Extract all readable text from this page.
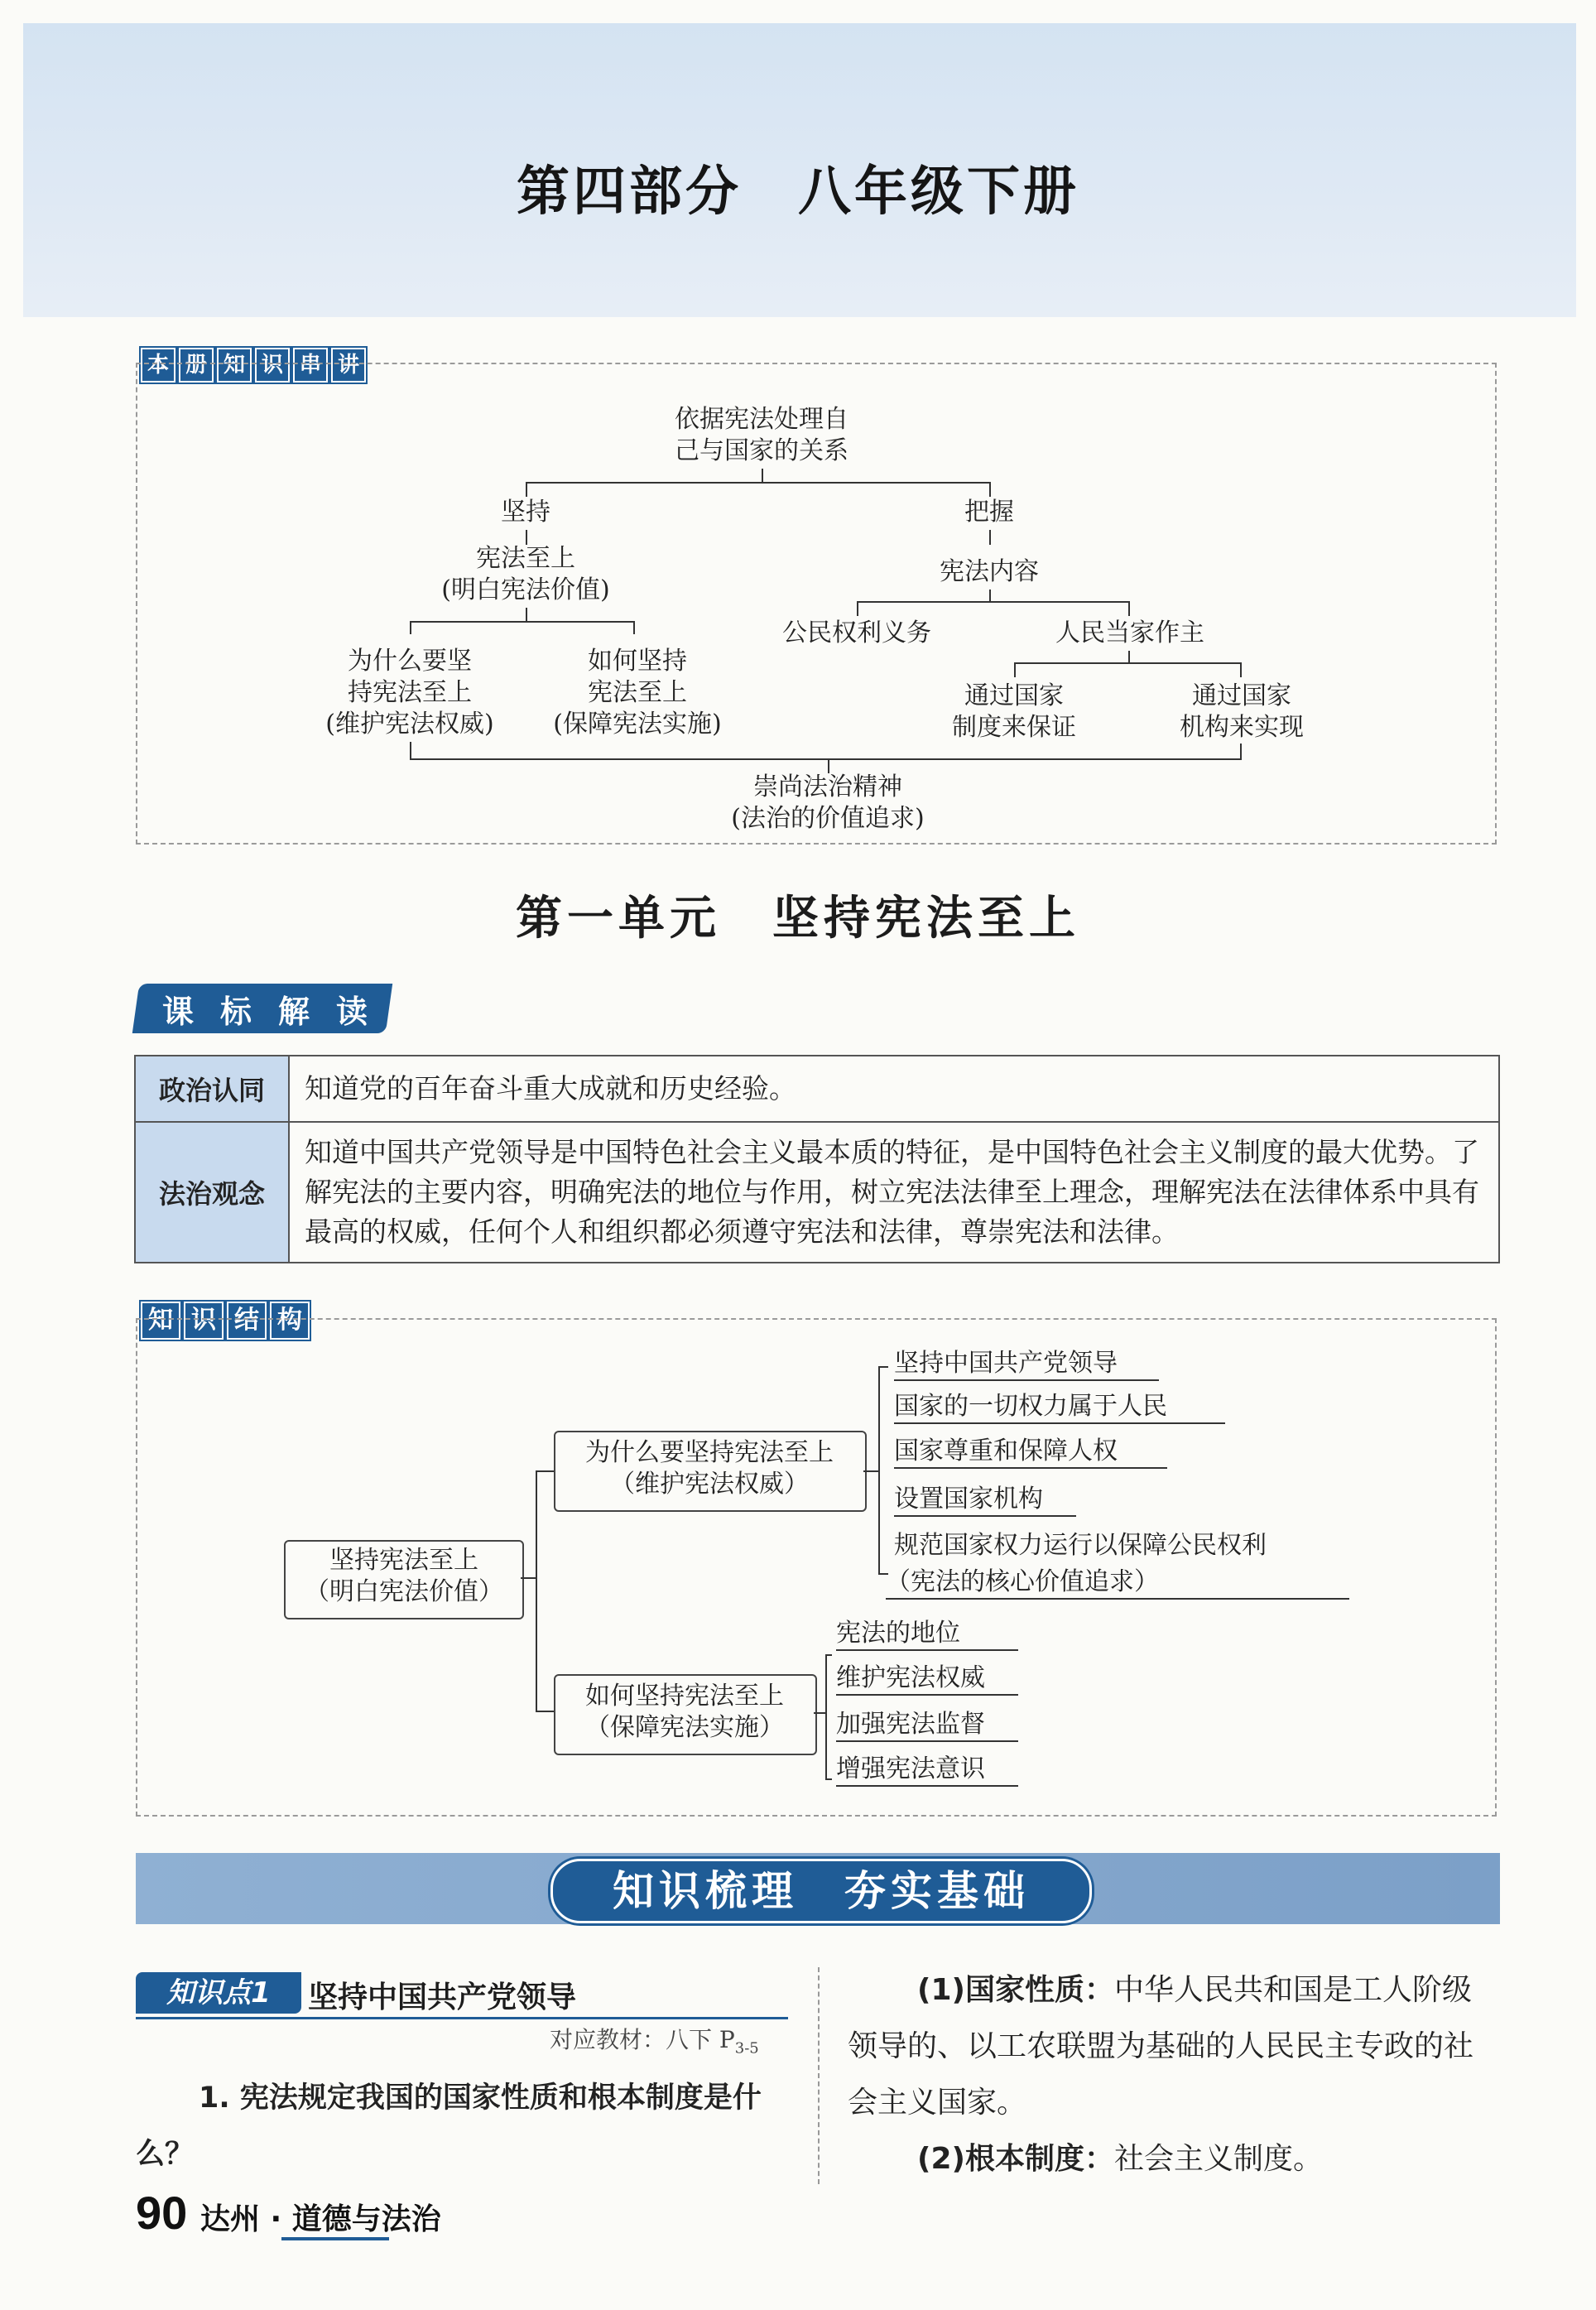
第四部分　八年级下册
本 册 知 识 串 讲
依据宪法处理自
己与国家的关系
坚持
宪法至上
(明白宪法价值)
为什么要坚
持宪法至上
(维护宪法权威)
如何坚持
宪法至上
(保障宪法实施)
把握
宪法内容
公民权利义务	人民当家作主
通过国家
制度来保证
通过国家
机构来实现
崇尚法治精神
(法治的价值追求)
第一单元　坚持宪法至上
课 标 解 读
政治认同	知道党的百年奋斗重大成就和历史经验。
法治观念	知道中国共产党领导是中国特色社会主义最本质的特征，是中国特色社会主义制度的最大优势。了解宪法的主要内容，明确宪法的地位与作用，树立宪法法律至上理念，理解宪法在法律体系中具有最高的权威，任何个人和组织都必须遵守宪法和法律，尊崇宪法和法律。
知 识 结 构
坚持宪法至上
（明白宪法价值）
为什么要坚持宪法至上
（维护宪法权威）
坚持中国共产党领导
国家的一切权力属于人民
国家尊重和保障人权
设置国家机构
规范国家权力运行以保障公民权利
（宪法的核心价值追求）
如何坚持宪法至上
（保障宪法实施）
宪法的地位
维护宪法权威
加强宪法监督
增强宪法意识
知识梳理　夯实基础
知识点1	坚持中国共产党领导
对应教材：八下 $P_{3-5}$
1. 宪法规定我国的国家性质和根本制度是什么？
(1)国家性质：中华人民共和国是工人阶级领导的、以工农联盟为基础的人民民主专政的社会主义国家。
(2)根本制度：社会主义制度。
90 达州 · 道德与法治
